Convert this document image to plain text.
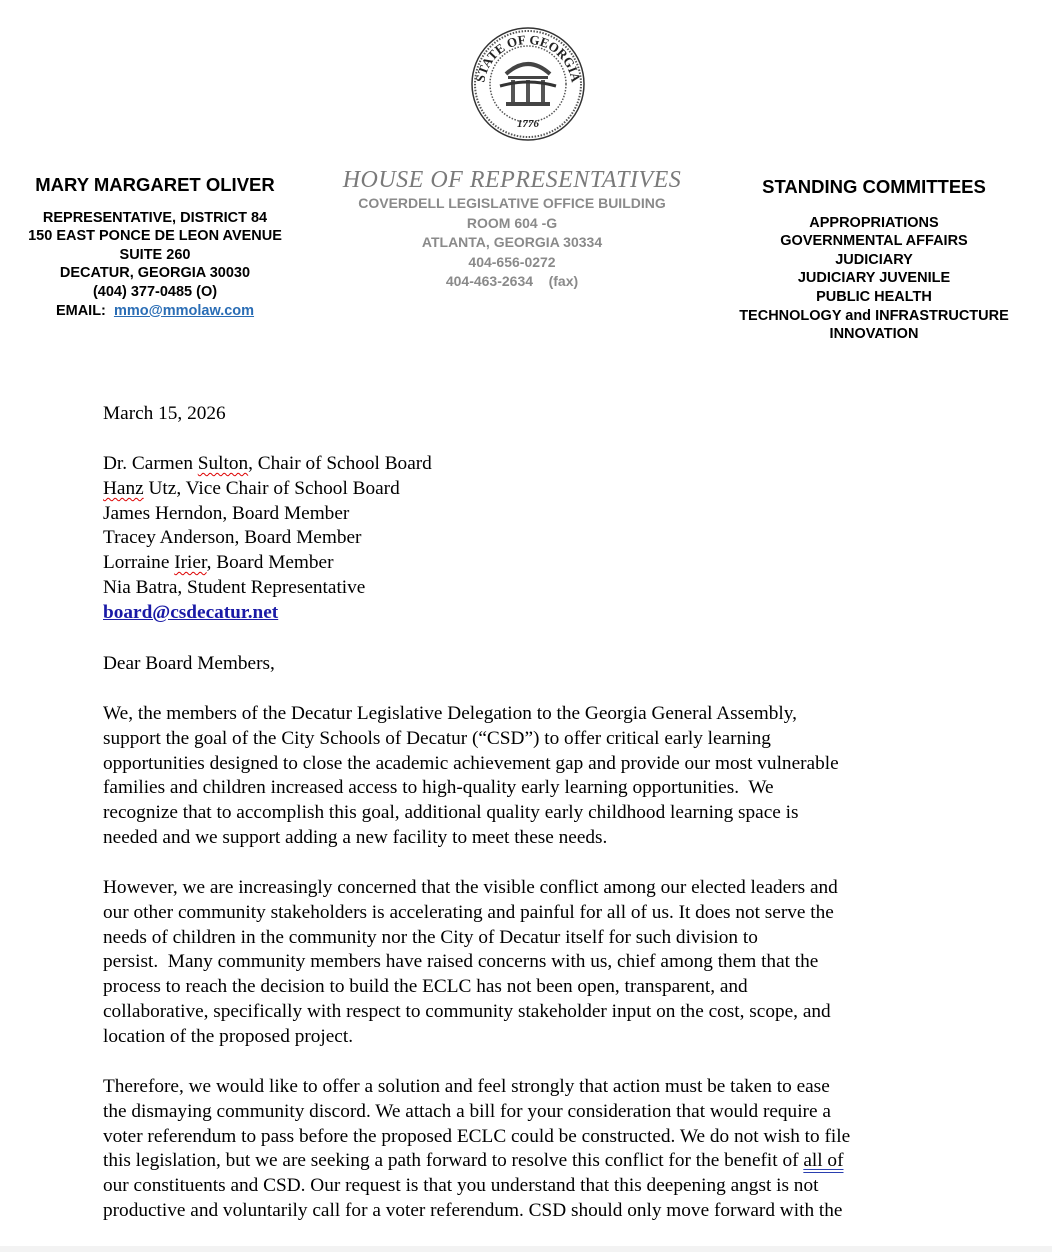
STATE OF GEORGIA
1776
MARY MARGARET OLIVER
REPRESENTATIVE, DISTRICT 84
150 EAST PONCE DE LEON AVENUE
SUITE 260
DECATUR, GEORGIA 30030
(404) 377-0485 (O)
EMAIL: mmo@mmolaw.com
HOUSE OF REPRESENTATIVES
COVERDELL LEGISLATIVE OFFICE BUILDING
ROOM 604 -G
ATLANTA, GEORGIA 30334
404-656-0272
404-463-2634    (fax)
STANDING COMMITTEES
APPROPRIATIONS
GOVERNMENTAL AFFAIRS
JUDICIARY
JUDICIARY JUVENILE
PUBLIC HEALTH
TECHNOLOGY and INFRASTRUCTURE
INNOVATION
March 15, 2026
Dr. Carmen Sulton, Chair of School Board
Hanz Utz, Vice Chair of School Board
James Herndon, Board Member
Tracey Anderson, Board Member
Lorraine Irier, Board Member
Nia Batra, Student Representative
board@csdecatur.net
Dear Board Members,
We, the members of the Decatur Legislative Delegation to the Georgia General Assembly,
support the goal of the City Schools of Decatur (“CSD”) to offer critical early learning
opportunities designed to close the academic achievement gap and provide our most vulnerable
families and children increased access to high-quality early learning opportunities.  We
recognize that to accomplish this goal, additional quality early childhood learning space is
needed and we support adding a new facility to meet these needs.
However, we are increasingly concerned that the visible conflict among our elected leaders and
our other community stakeholders is accelerating and painful for all of us. It does not serve the
needs of children in the community nor the City of Decatur itself for such division to
persist.  Many community members have raised concerns with us, chief among them that the
process to reach the decision to build the ECLC has not been open, transparent, and
collaborative, specifically with respect to community stakeholder input on the cost, scope, and
location of the proposed project.
Therefore, we would like to offer a solution and feel strongly that action must be taken to ease
the dismaying community discord. We attach a bill for your consideration that would require a
voter referendum to pass before the proposed ECLC could be constructed. We do not wish to file
this legislation, but we are seeking a path forward to resolve this conflict for the benefit of all of
our constituents and CSD. Our request is that you understand that this deepening angst is not
productive and voluntarily call for a voter referendum. CSD should only move forward with the
